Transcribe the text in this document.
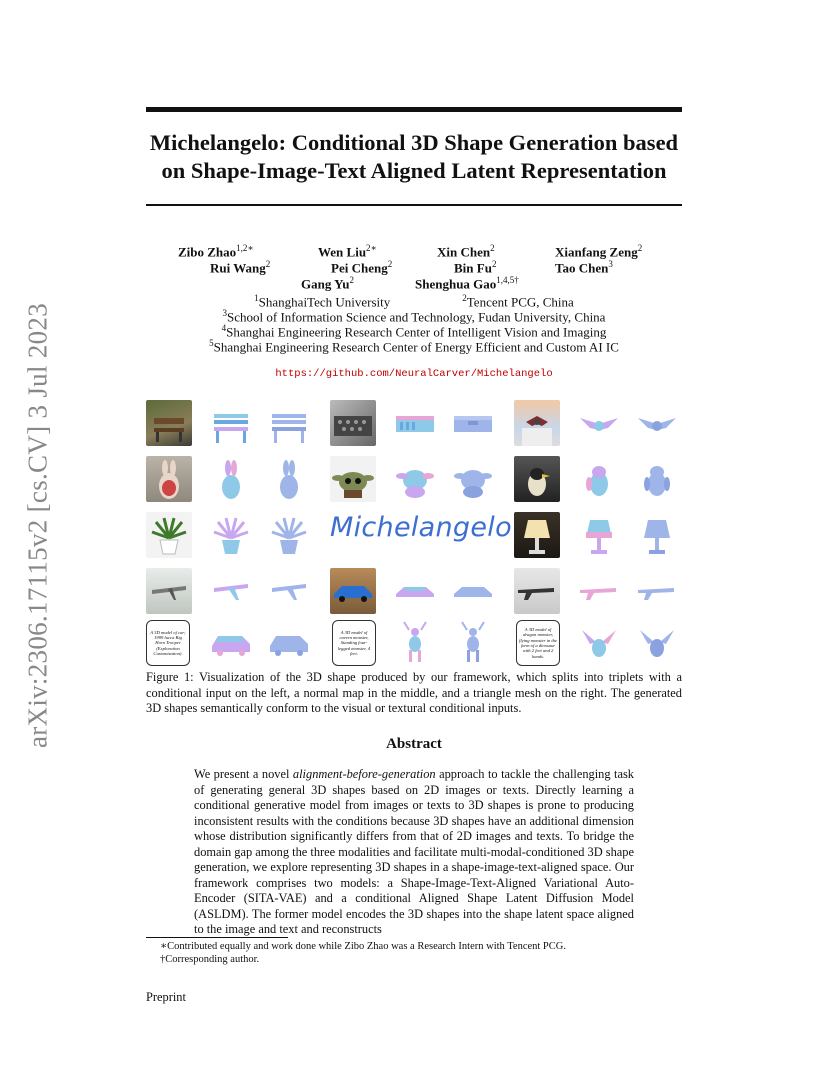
arXiv:2306.17115v2 [cs.CV] 3 Jul 2023
Michelangelo: Conditional 3D Shape Generation based
on Shape-Image-Text Aligned Latent Representation
Zibo Zhao$^{1,2∗}$	Wen Liu$^{2∗}$	Xin Chen$^2$	Xianfang Zeng$^2$
Rui Wang$^2$	Pei Cheng$^2$	Bin Fu$^2$	Tao Chen$^3$
Gang Yu$^2$	Shenghua Gao$^{1,4,5\dagger}$
$^1$ShanghaiTech University	$^2$Tencent PCG, China
$^3$School of Information Science and Technology, Fudan University, China
$^4$Shanghai Engineering Research Center of Intelligent Vision and Imaging
$^5$Shanghai Engineering Research Center of Energy Efficient and Custom AI IC
https://github.com/NeuralCarver/Michelangelo
Michelangelo
A 3D model of car; 1999 lucca Big Horn Trooper (Exploration Customization).
A 3D model of cavern monster, Standing four-legged monster, 4 feet.
A 3D model of dragon monster, flying monster in the form of a dinosaur with 2 feet and 2 hands.
Figure 1: Visualization of the 3D shape produced by our framework, which splits into triplets with a conditional input on the left, a normal map in the middle, and a triangle mesh on the right. The generated 3D shapes semantically conform to the visual or textural conditional inputs.
Abstract
We present a novel alignment-before-generation approach to tackle the challenging task of generating general 3D shapes based on 2D images or texts. Directly learning a conditional generative model from images or texts to 3D shapes is prone to producing inconsistent results with the conditions because 3D shapes have an additional dimension whose distribution significantly differs from that of 2D images and texts. To bridge the domain gap among the three modalities and facilitate multi-modal-conditioned 3D shape generation, we explore representing 3D shapes in a shape-image-text-aligned space. Our framework comprises two models: a Shape-Image-Text-Aligned Variational Auto-Encoder (SITA-VAE) and a conditional Aligned Shape Latent Diffusion Model (ASLDM). The former model encodes the 3D shapes into the shape latent space aligned to the image and text and reconstructs
∗Contributed equally and work done while Zibo Zhao was a Research Intern with Tencent PCG.
†Corresponding author.
Preprint
